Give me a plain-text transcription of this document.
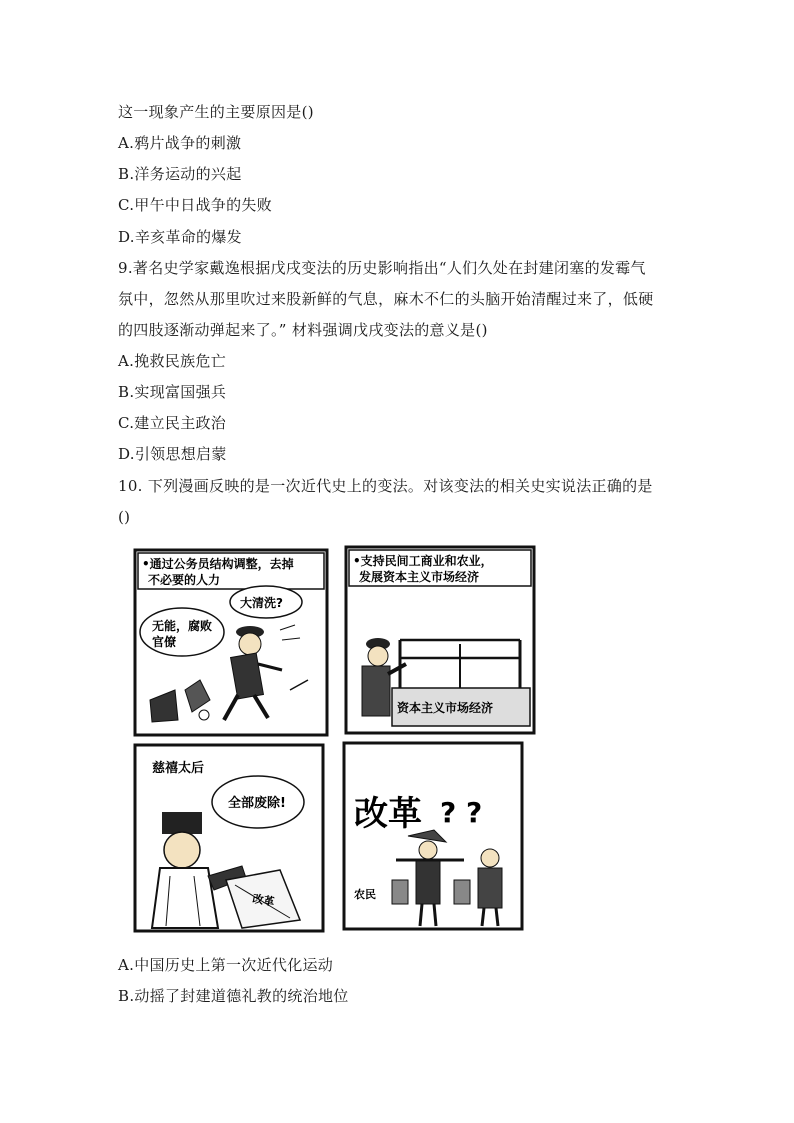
这一现象产生的主要原因是()
A.鸦片战争的刺激
B.洋务运动的兴起
C.甲午中日战争的失败
D.辛亥革命的爆发
9.著名史学家戴逸根据戊戌变法的历史影响指出“人们久处在封建闭塞的发霉气
氛中，忽然从那里吹过来股新鲜的气息，麻木不仁的头脑开始清醒过来了，低硬
的四肢逐渐动弹起来了。” 材料强调戊戌变法的意义是()
A.挽救民族危亡
B.实现富国强兵
C.建立民主政治
D.引领思想启蒙
10. 下列漫画反映的是一次近代史上的变法。对该变法的相关史实说法正确的是
()
•通过公务员结构调整，去掉
不必要的人力
大清洗?
无能，腐败
官僚
•支持民间工商业和农业，
发展资本主义市场经济
资本主义市场经济
慈禧太后
全部废除!
改革
改革 ? ?
农民
A.中国历史上第一次近代化运动
B.动摇了封建道德礼教的统治地位
